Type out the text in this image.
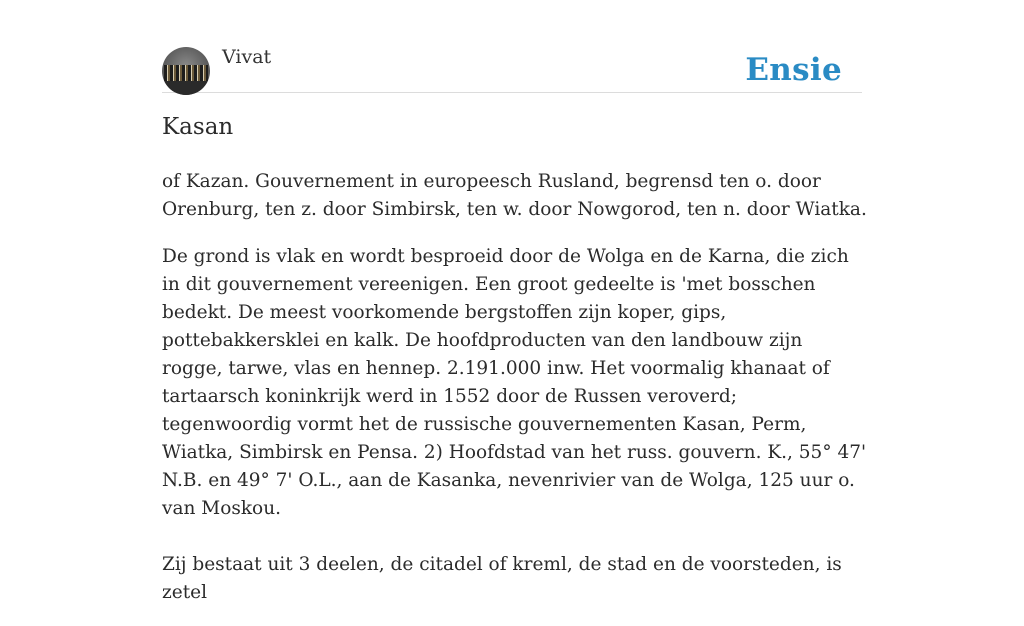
Vivat	Ensie
Kasan

of Kazan. Gouvernement in europeesch Rusland, begrensd ten o. door Orenburg, ten z. door Simbirsk, ten w. door Nowgorod, ten n. door Wiatka.

De grond is vlak en wordt besproeid door de Wolga en de Karna, die zich in dit gouvernement vereenigen. Een groot gedeelte is 'met bosschen bedekt. De meest voorkomende bergstoffen zijn koper, gips, pottebakkersklei en kalk. De hoofdproducten van den landbouw zijn rogge, tarwe, vlas en hennep. 2.191.000 inw. Het voormalig khanaat of tartaarsch koninkrijk werd in 1552 door de Russen veroverd; tegenwoordig vormt het de russische gouvernementen Kasan, Perm, Wiatka, Simbirsk en Pensa. 2) Hoofdstad van het russ. gouvern. K., 55° 47' N.B. en 49° 7' O.L., aan de Kasanka, nevenrivier van de Wolga, 125 uur o. van Moskou.

Zij bestaat uit 3 deelen, de citadel of kreml, de stad en de voorsteden, is zetel
